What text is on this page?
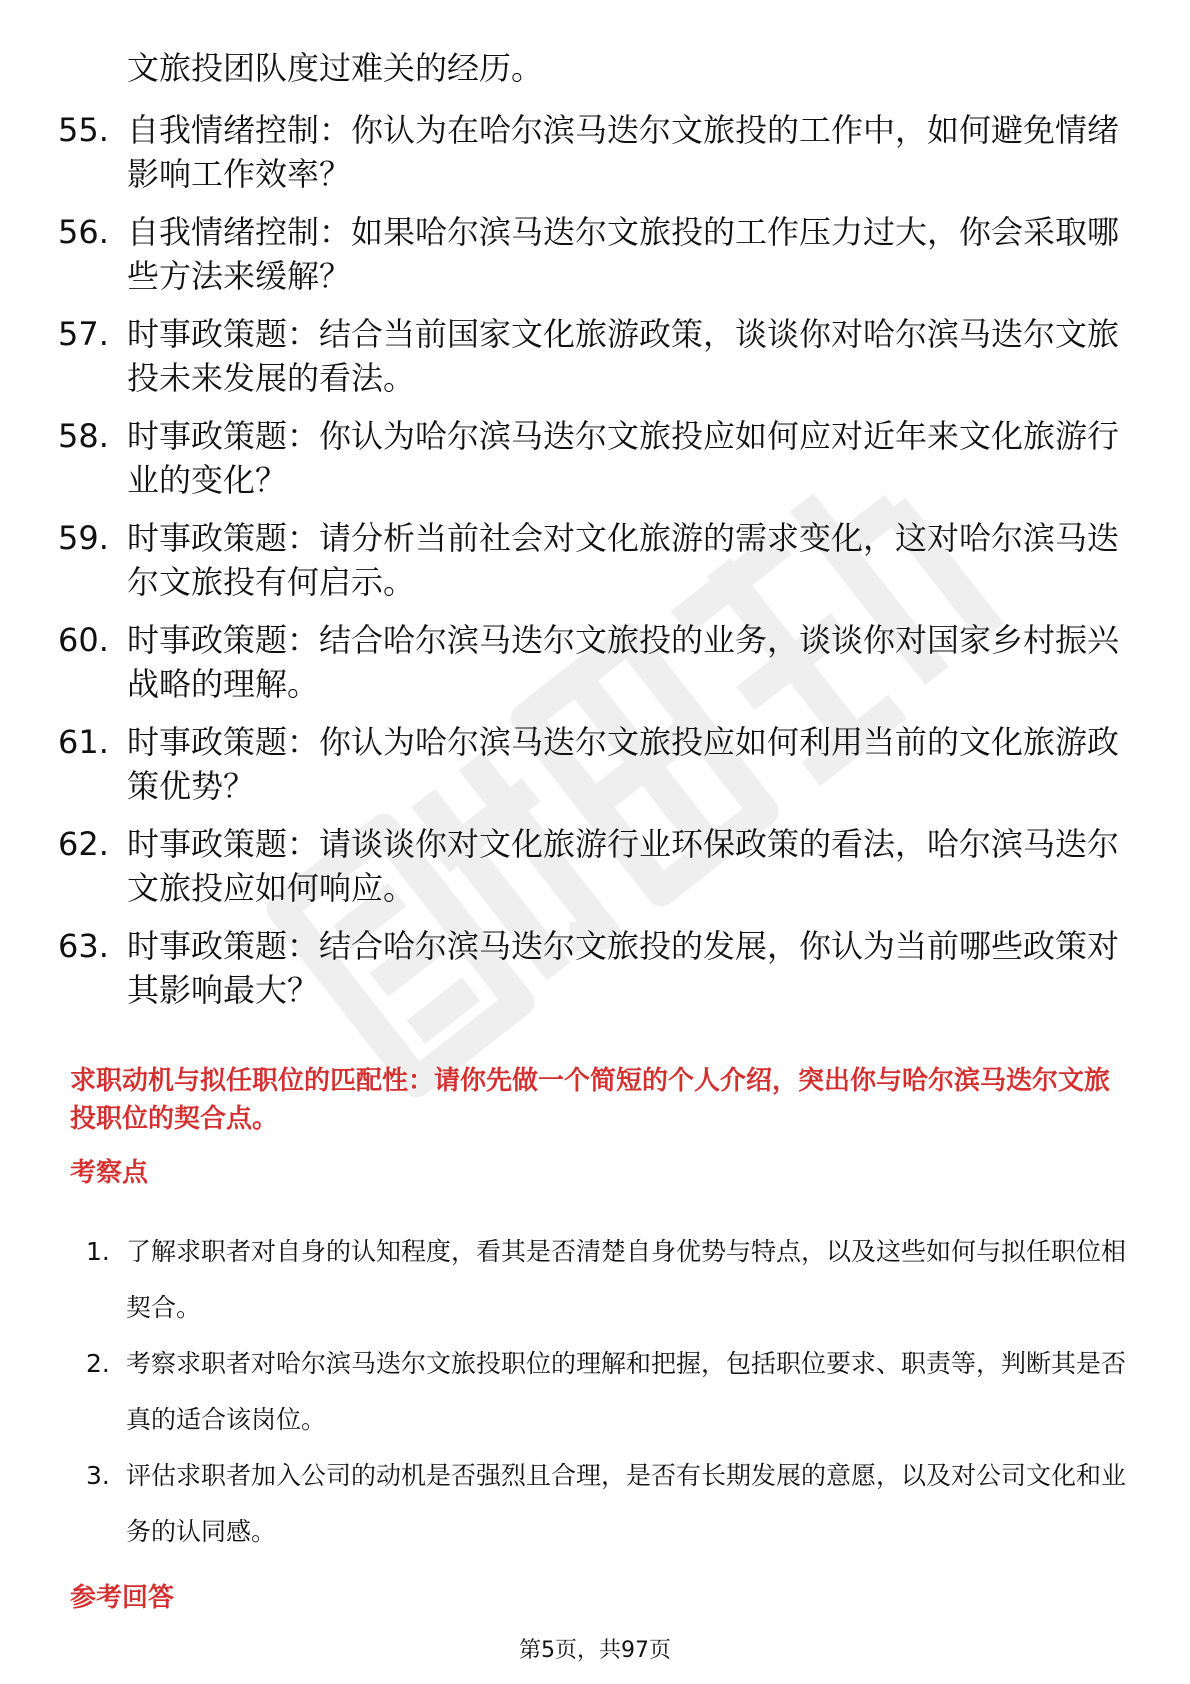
文旅投团队度过难关的经历。
55. 自我情绪控制：你认为在哈尔滨马迭尔文旅投的工作中，如何避免情绪影响工作效率？
56. 自我情绪控制：如果哈尔滨马迭尔文旅投的工作压力过大，你会采取哪些方法来缓解？
57. 时事政策题：结合当前国家文化旅游政策，谈谈你对哈尔滨马迭尔文旅投未来发展的看法。
58. 时事政策题：你认为哈尔滨马迭尔文旅投应如何应对近年来文化旅游行业的变化？
59. 时事政策题：请分析当前社会对文化旅游的需求变化，这对哈尔滨马迭尔文旅投有何启示。
60. 时事政策题：结合哈尔滨马迭尔文旅投的业务，谈谈你对国家乡村振兴战略的理解。
61. 时事政策题：你认为哈尔滨马迭尔文旅投应如何利用当前的文化旅游政策优势？
62. 时事政策题：请谈谈你对文化旅游行业环保政策的看法，哈尔滨马迭尔文旅投应如何响应。
63. 时事政策题：结合哈尔滨马迭尔文旅投的发展，你认为当前哪些政策对其影响最大？
求职动机与拟任职位的匹配性：请你先做一个简短的个人介绍，突出你与哈尔滨马迭尔文旅投职位的契合点。
考察点
1. 了解求职者对自身的认知程度，看其是否清楚自身优势与特点，以及这些如何与拟任职位相契合。
2. 考察求职者对哈尔滨马迭尔文旅投职位的理解和把握，包括职位要求、职责等，判断其是否真的适合该岗位。
3. 评估求职者加入公司的动机是否强烈且合理，是否有长期发展的意愿，以及对公司文化和业务的认同感。
参考回答
第5页，共97页
